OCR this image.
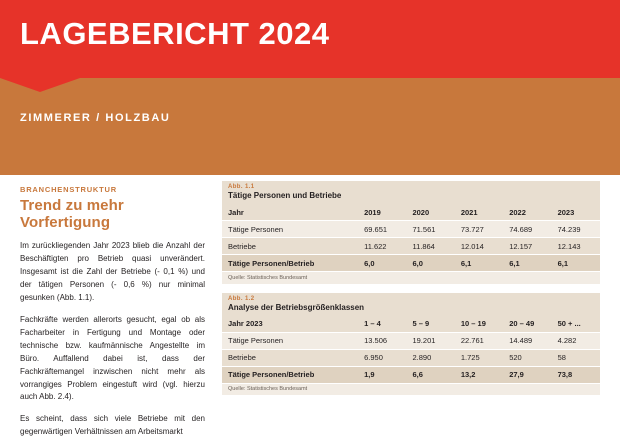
LAGEBERICHT 2024
ZIMMERER / HOLZBAU
BRANCHENSTRUKTUR
Trend zu mehr Vorfertigung

Im zurückliegenden Jahr 2023 blieb die Anzahl der Beschäftigten pro Betrieb quasi unverändert. Insgesamt ist die Zahl der Betriebe (- 0,1 %) und der tätigen Personen (- 0,6 %) nur minimal gesunken (Abb. 1.1).

Fachkräfte werden allerorts gesucht, egal ob als Facharbeiter in Fertigung und Montage oder technische bzw. kaufmännische Angestellte im Büro. Auffallend dabei ist, dass der Fachkräftemangel inzwischen nicht mehr als vorrangiges Problem eingestuft wird (vgl. hierzu auch Abb. 2.4).

Es scheint, dass sich viele Betriebe mit den gegenwärtigen Verhältnissen am Arbeitsmarkt

Abb. 1.1
Tätige Personen und Betriebe
Jahr	2019	2020	2021	2022	2023
Tätige Personen	69.651	71.561	73.727	74.689	74.239
Betriebe	11.622	11.864	12.014	12.157	12.143
Tätige Personen/Betrieb	6,0	6,0	6,1	6,1	6,1
Quelle: Statistisches Bundesamt
Abb. 1.2
Analyse der Betriebsgrößenklassen
Jahr 2023	1 – 4	5 – 9	10 – 19	20 – 49	50 + ...
Tätige Personen	13.506	19.201	22.761	14.489	4.282
Betriebe	6.950	2.890	1.725	520	58
Tätige Personen/Betrieb	1,9	6,6	13,2	27,9	73,8
Quelle: Statistisches Bundesamt
